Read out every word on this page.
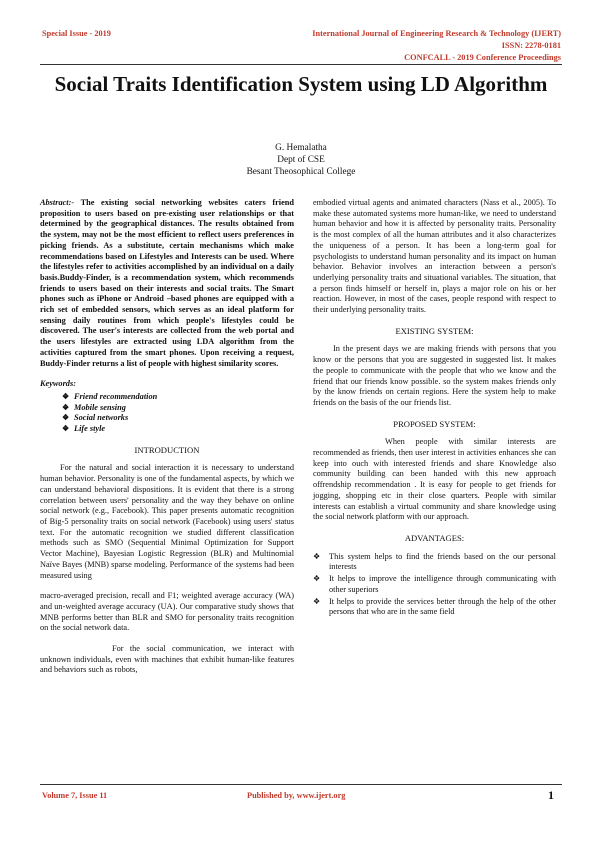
Special Issue - 2019	International Journal of Engineering Research & Technology (IJERT)
ISSN: 2278-0181
CONFCALL - 2019 Conference Proceedings
Social Traits Identification System using LD Algorithm
G. Hemalatha
Dept of CSE
Besant Theosophical College

Abstract:- The existing social networking websites caters friend proposition to users based on pre-existing user relationships or that determined by the geographical distances. The results obtained from the system, may not be the most efficient to reflect users preferences in picking friends. As a substitute, certain mechanisms which make recommendations based on Lifestyles and Interests can be used. Where the lifestyles refer to activities accomplished by an individual on a daily basis.Buddy-Finder, is a recommendation system, which recommends friends to users based on their interests and social traits. The Smart phones such as iPhone or Android –based phones are equipped with a rich set of embedded sensors, which serves as an ideal platform for sensing daily routines from which people's lifestyles could be discovered. The user's interests are collected from the web portal and the users lifestyles are extracted using LDA algorithm from the activities captured from the smart phones. Upon receiving a request, Buddy-Finder returns a list of people with highest similarity scores.

Keywords:
❖ Friend recommendation
❖ Mobile sensing
❖ Social networks
❖ Life style
INTRODUCTION

For the natural and social interaction it is necessary to understand human behavior. Personality is one of the fundamental aspects, by which we can understand behavioral dispositions. It is evident that there is a strong correlation between users' personality and the way they behave on online social network (e.g., Facebook). This paper presents automatic recognition of Big-5 personality traits on social network (Facebook) using users' status text. For the automatic recognition we studied different classification methods such as SMO (Sequential Minimal Optimization for Support Vector Machine), Bayesian Logistic Regression (BLR) and Multinomial Naïve Bayes (MNB) sparse modeling. Performance of the systems had been measured using

macro-averaged precision, recall and F1; weighted average accuracy (WA) and un-weighted average accuracy (UA). Our comparative study shows that MNB performs better than BLR and SMO for personality traits recognition on the social network data.

For the social communication, we interact with unknown individuals, even with machines that exhibit human-like features and behaviors such as robots,

embodied virtual agents and animated characters (Nass et al., 2005). To make these automated systems more human-like, we need to understand human behavior and how it is affected by personality traits. Personality is the most complex of all the human attributes and it also characterizes the uniqueness of a person. It has been a long-term goal for psychologists to understand human personality and its impact on human behavior. Behavior involves an interaction between a person's underlying personality traits and situational variables. The situation, that a person finds himself or herself in, plays a major role on his or her reaction. However, in most of the cases, people respond with respect to their underlying personality traits.

EXISTING SYSTEM:

In the present days we are making friends with persons that you know or the persons that you are suggested in suggested list. It makes the people to communicate with the people that who we know and the friend that our friends know possible. so the system makes friends only by the know friends on certain regions. Here the system help to make friends on the basis of the our friends list.

PROPOSED SYSTEM:

When people with similar interests are recommended as friends, then user interest in activities enhances she can keep into ouch with interested friends and share Knowledge also community building can been handed with this new approach offrendship recommendation . It is easy for people to get friends for jogging, shopping etc in their close quarters. People with similar interests can establish a virtual community and share knowledge using the social network platform with our approach.

ADVANTAGES:
❖ This system helps to find the friends based on the our personal interests
❖ It helps to improve the intelligence through communicating with other superiors
❖ It helps to provide the services better through the help of the other persons that who are in the same field
Volume 7, Issue 11	Published by, www.ijert.org	1
